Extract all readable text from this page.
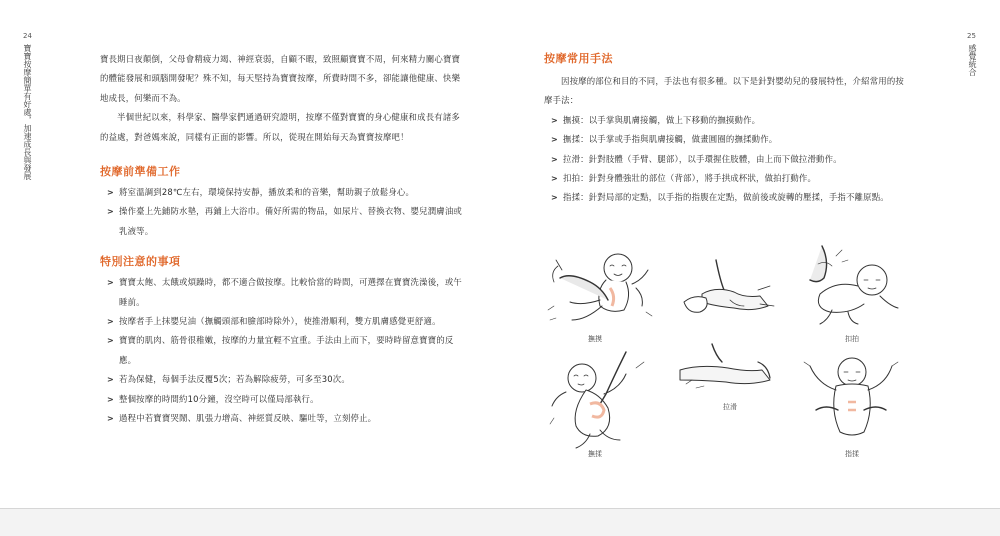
24	25
寶寶按摩簡單有好處，加速成長與發展	感覺統合

寶長期日夜顛倒，父母會精疲力竭、神經衰弱，自顧不暇，致照顧寶寶不周，何來精力關心寶寶的體能發展和頭腦開發呢？殊不知，每天堅持為寶寶按摩，所費時間不多，卻能讓他健康、快樂地成長，何樂而不為。

半個世紀以來，科學家、醫學家們通過研究證明，按摩不僅對寶寶的身心健康和成長有諸多的益處，對爸媽來說，同樣有正面的影響。所以，從現在開始每天為寶寶按摩吧！

按摩前準備工作
> 將室溫調到28℃左右，環境保持安靜，播放柔和的音樂，幫助親子放鬆身心。
> 操作臺上先鋪防水墊，再鋪上大浴巾。備好所需的物品，如尿片、替換衣物、嬰兒潤膚油或乳液等。
特別注意的事項
> 寶寶太飽、太餓或煩躁時，都不適合做按摩。比較恰當的時間，可選擇在寶寶洗澡後，或午睡前。
> 按摩者手上抹嬰兒油（撫觸頭部和臉部時除外），使推滑順利，雙方肌膚感覺更舒適。
> 寶寶的肌肉、筋骨很稚嫩，按摩的力量宜輕不宜重。手法由上而下，要時時留意寶寶的反應。
> 若為保健，每個手法反覆5次；若為解除疲勞，可多至30次。
> 整個按摩的時間約10分鐘，沒空時可以僅局部執行。
> 過程中若寶寶哭鬧、肌張力增高、神經質反映、驅吐等，立刻停止。
按摩常用手法

因按摩的部位和目的不同，手法也有很多種。以下是針對嬰幼兒的發展特性，介紹常用的按摩手法：

> 撫摸：以手掌與肌膚接觸，做上下移動的撫摸動作。
> 撫揉：以手掌或手指與肌膚接觸，做畫圓圈的撫揉動作。
> 拉滑：針對肢體（手臂、腿部），以手環握住肢體，由上而下做拉滑動作。
> 扣拍：針對身體強壯的部位（背部），將手拱成杯狀，做拍打動作。
> 指揉：針對局部的定點，以手指的指腹在定點，做前後或旋轉的壓揉，手指不離原點。
撫摸	扣拍
撫揉
拉滑
指揉
